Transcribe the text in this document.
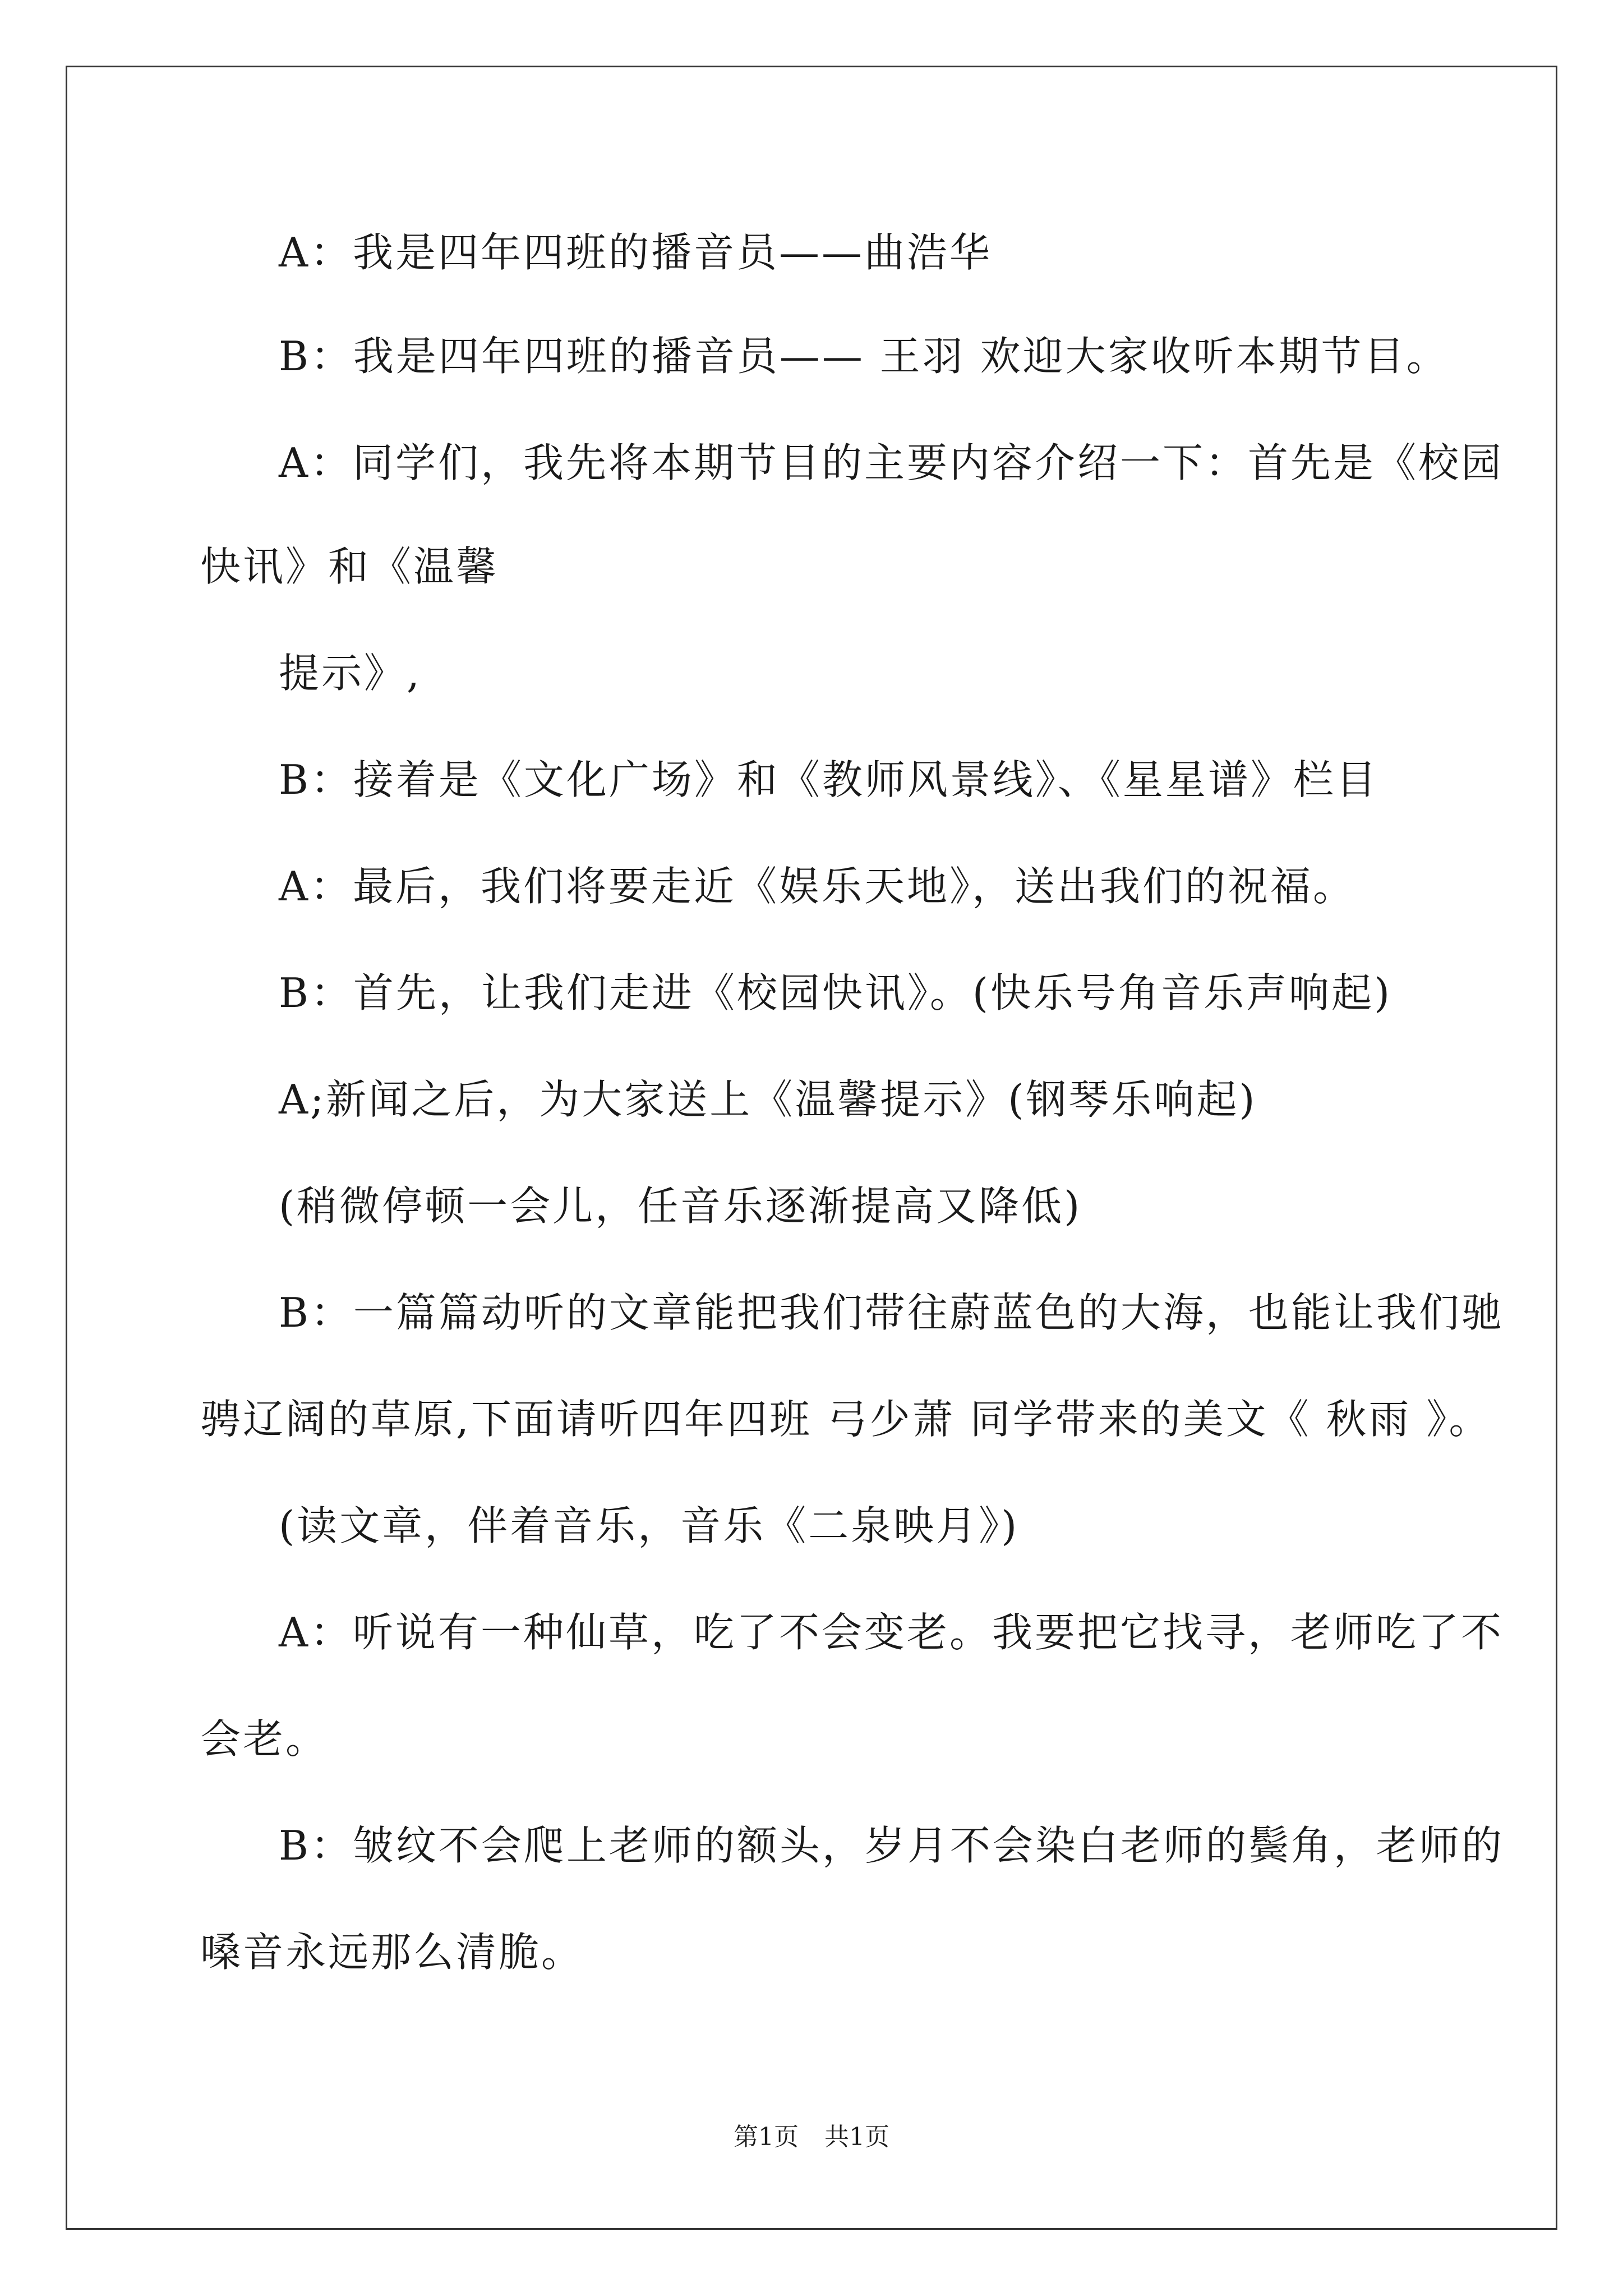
A：我是四年四班的播音员——曲浩华
B：我是四年四班的播音员—— 王羽 欢迎大家收听本期节目。
A：同学们，我先将本期节目的主要内容介绍一下：首先是《校园
快讯》和《温馨
提示》,
B：接着是《文化广场》和《教师风景线》、《星星谱》栏目
A：最后，我们将要走近《娱乐天地》，送出我们的祝福。
B：首先，让我们走进《校园快讯》。(快乐号角音乐声响起)
A;新闻之后，为大家送上《温馨提示》(钢琴乐响起)
(稍微停顿一会儿，任音乐逐渐提高又降低)
B：一篇篇动听的文章能把我们带往蔚蓝色的大海，也能让我们驰
骋辽阔的草原,下面请听四年四班 弓少萧 同学带来的美文《 秋雨 》。
(读文章，伴着音乐，音乐《二泉映月》)
A：听说有一种仙草，吃了不会变老。我要把它找寻，老师吃了不
会老。
B：皱纹不会爬上老师的额头，岁月不会染白老师的鬓角，老师的
嗓音永远那么清脆。
第1页 共1页
